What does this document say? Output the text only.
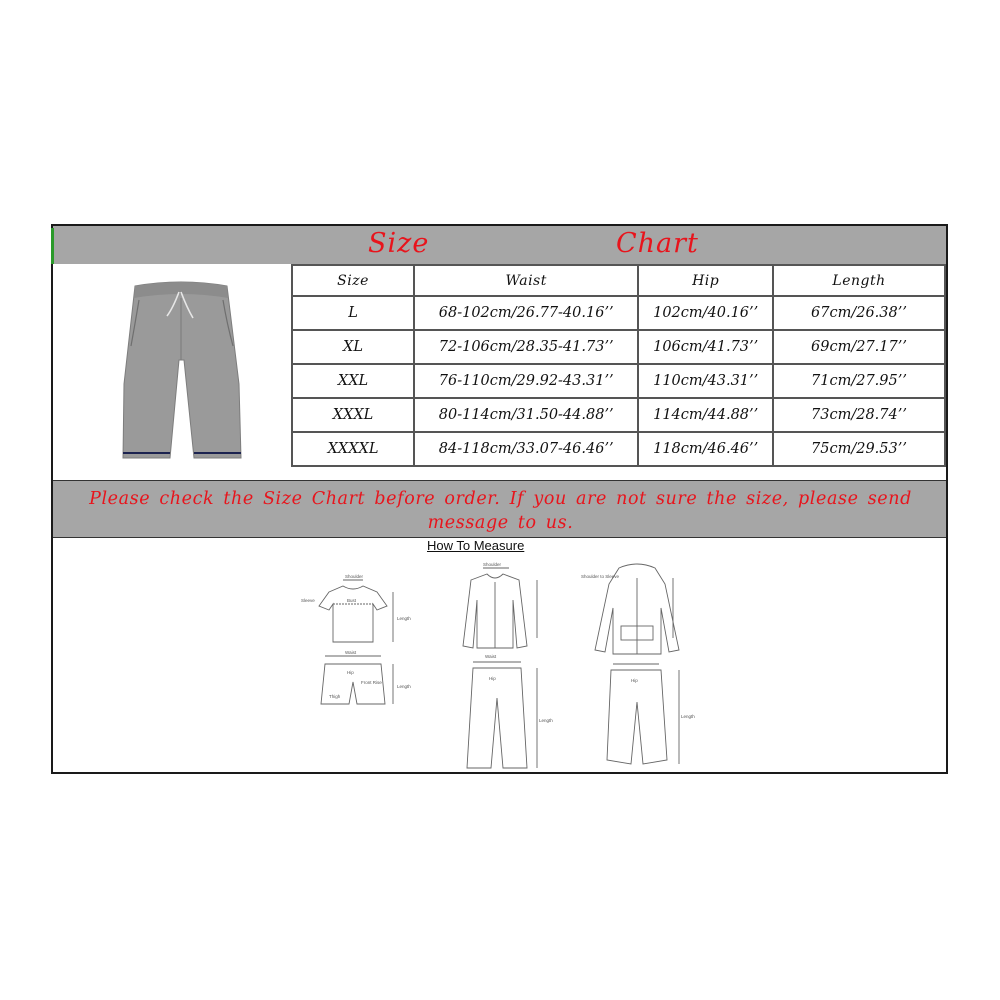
Size	Chart
Size	Waist	Hip	Length
L	68-102cm/26.77-40.16’’	102cm/40.16’’	67cm/26.38’’
XL	72-106cm/28.35-41.73’’	106cm/41.73’’	69cm/27.17’’
XXL	76-110cm/29.92-43.31’’	110cm/43.31’’	71cm/27.95’’
XXXL	80-114cm/31.50-44.88’’	114cm/44.88’’	73cm/28.74’’
XXXXL	84-118cm/33.07-46.46’’	118cm/46.46’’	75cm/29.53’’
Please check the Size Chart before order. If you are not sure the size, please send message to us.
How To Measure
Shoulder
Bust
Sleeve
Length
Waist
Hip
Front Rise
Thigh
Length
Shoulder
Waist
Hip
Length
Shoulder to Sleeve
Hip
Length
